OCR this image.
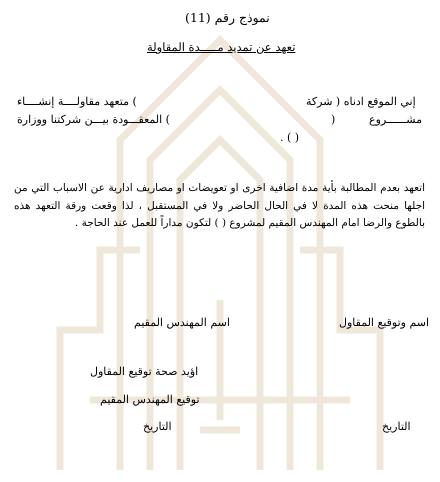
نموذج رقم (11)
تعهد عن تمديد مـــــدة المقاولة
إني الموقع ادناه ( شركة
) متعهد مقاولــــة إنشــــاء
مشــــــروع
(
) المعقـــودة بيـــن شركتنا ووزارة
( ) .
اتعهد بعدم المطالبة بأية مدة اضافية اخرى او تعويضات او مصاريف ادارية عن الاسباب التي من اجلها منحت هذه المدة لا في الحال الحاضر ولا في المستقبل ، لذا وقعت ورقة التعهد هذه بالطوع والرضا امام المهندس المقيم لمشروع ( ) لتكون مداراً للعمل عند الحاجة .
اسم وتوقيع المقاول
اسم المهندس المقيم
اؤيد صحة توقيع المقاول
توقيع المهندس المقيم
التاريخ
التاريخ
